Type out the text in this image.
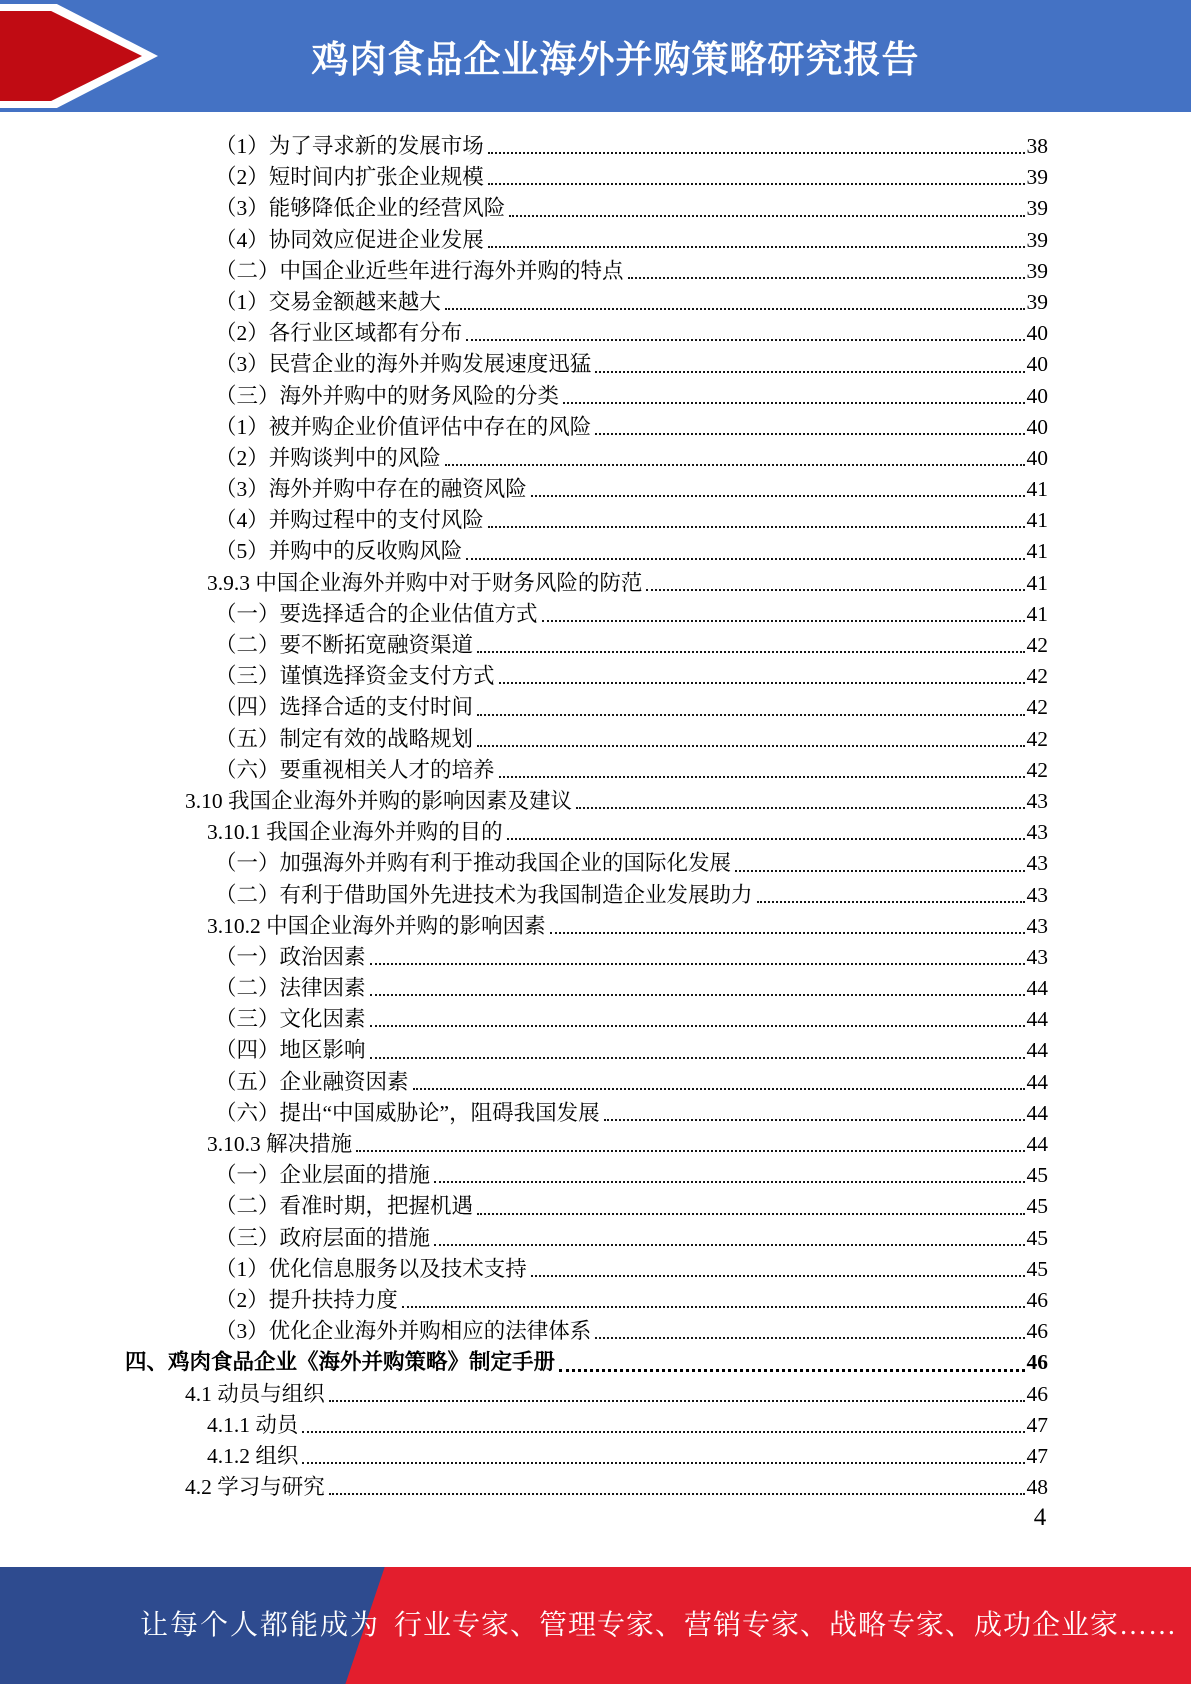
鸡肉食品企业海外并购策略研究报告
（1）为了寻求新的发展市场	38
（2）短时间内扩张企业规模	39
（3）能够降低企业的经营风险	39
（4）协同效应促进企业发展	39
（二）中国企业近些年进行海外并购的特点	39
（1）交易金额越来越大	39
（2）各行业区域都有分布	40
（3）民营企业的海外并购发展速度迅猛	40
（三）海外并购中的财务风险的分类	40
（1）被并购企业价值评估中存在的风险	40
（2）并购谈判中的风险	40
（3）海外并购中存在的融资风险	41
（4）并购过程中的支付风险	41
（5）并购中的反收购风险	41
3.9.3 中国企业海外并购中对于财务风险的防范	41
（一）要选择适合的企业估值方式	41
（二）要不断拓宽融资渠道	42
（三）谨慎选择资金支付方式	42
（四）选择合适的支付时间	42
（五）制定有效的战略规划	42
（六）要重视相关人才的培养	42
3.10 我国企业海外并购的影响因素及建议	43
3.10.1 我国企业海外并购的目的	43
（一）加强海外并购有利于推动我国企业的国际化发展	43
（二）有利于借助国外先进技术为我国制造企业发展助力	43
3.10.2 中国企业海外并购的影响因素	43
（一）政治因素	43
（二）法律因素	44
（三）文化因素	44
（四）地区影响	44
（五）企业融资因素	44
（六）提出“中国威胁论”，阻碍我国发展	44
3.10.3 解决措施	44
（一）企业层面的措施	45
（二）看准时期，把握机遇	45
（三）政府层面的措施	45
（1）优化信息服务以及技术支持	45
（2）提升扶持力度	46
（3）优化企业海外并购相应的法律体系	46
四、鸡肉食品企业《海外并购策略》制定手册	46
4.1 动员与组织	46
4.1.1 动员	47
4.1.2 组织	47
4.2 学习与研究	48
4
让每个人都能成为 行业专家、管理专家、营销专家、战略专家、成功企业家……
